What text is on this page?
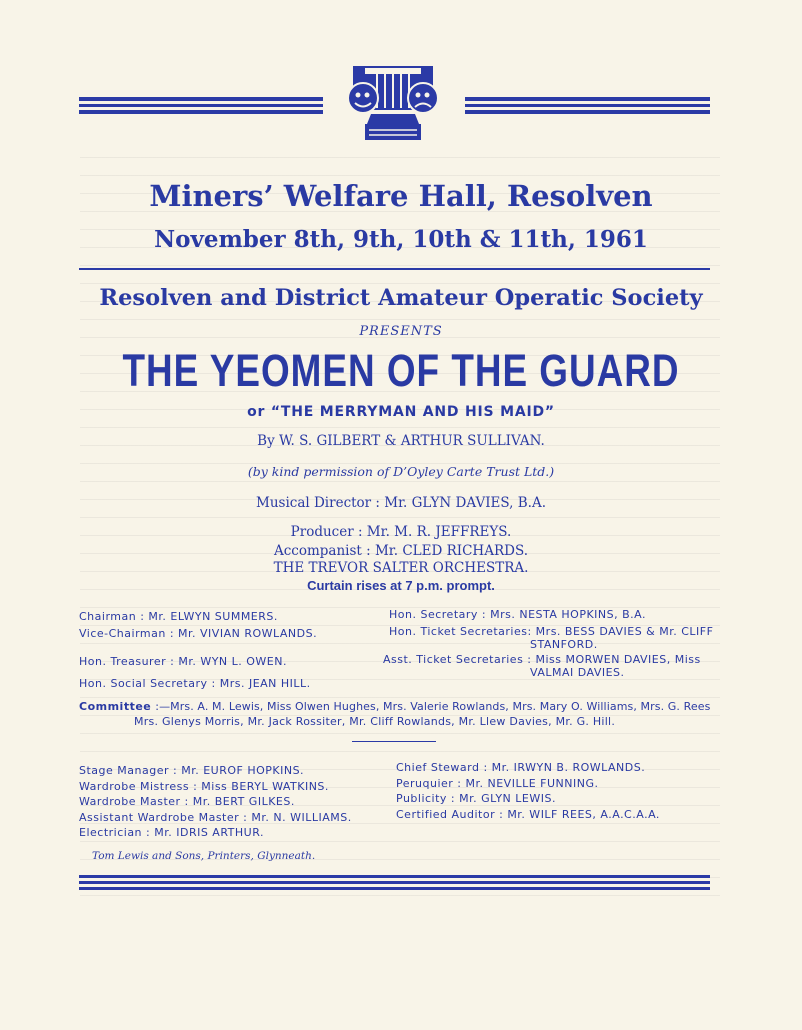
Miners’ Welfare Hall, Resolven
November 8th, 9th, 10th & 11th, 1961
Resolven and District Amateur Operatic Society
PRESENTS
THE YEOMEN OF THE GUARD
or “THE MERRYMAN AND HIS MAID”
By W. S. GILBERT & ARTHUR SULLIVAN.
(by kind permission of D’Oyley Carte Trust Ltd.)
Musical Director : Mr. GLYN DAVIES, B.A.
Producer : Mr. M. R. JEFFREYS.
Accompanist : Mr. CLED RICHARDS.
THE TREVOR SALTER ORCHESTRA.
Curtain rises at 7 p.m. prompt.
Chairman : Mr. ELWYN SUMMERS.
Vice-Chairman : Mr. VIVIAN ROWLANDS.
Hon. Treasurer : Mr. WYN L. OWEN.
Hon. Social Secretary : Mrs. JEAN HILL.
Hon. Secretary : Mrs. NESTA HOPKINS, B.A.
Hon. Ticket Secretaries: Mrs. BESS DAVIES & Mr. CLIFF
STANFORD.
Asst. Ticket Secretaries : Miss MORWEN DAVIES, Miss
VALMAI DAVIES.
Committee :—Mrs. A. M. Lewis, Miss Olwen Hughes, Mrs. Valerie Rowlands, Mrs. Mary O. Williams, Mrs. G. Rees
Mrs. Glenys Morris, Mr. Jack Rossiter, Mr. Cliff Rowlands, Mr. Llew Davies, Mr. G. Hill.
Stage Manager : Mr. EUROF HOPKINS.
Wardrobe Mistress : Miss BERYL WATKINS.
Wardrobe Master : Mr. BERT GILKES.
Assistant Wardrobe Master : Mr. N. WILLIAMS.
Electrician : Mr. IDRIS ARTHUR.
Chief Steward : Mr. IRWYN B. ROWLANDS.
Peruquier : Mr. NEVILLE FUNNING.
Publicity : Mr. GLYN LEWIS.
Certified Auditor : Mr. WILF REES, A.A.C.A.A.
Tom Lewis and Sons, Printers, Glynneath.
